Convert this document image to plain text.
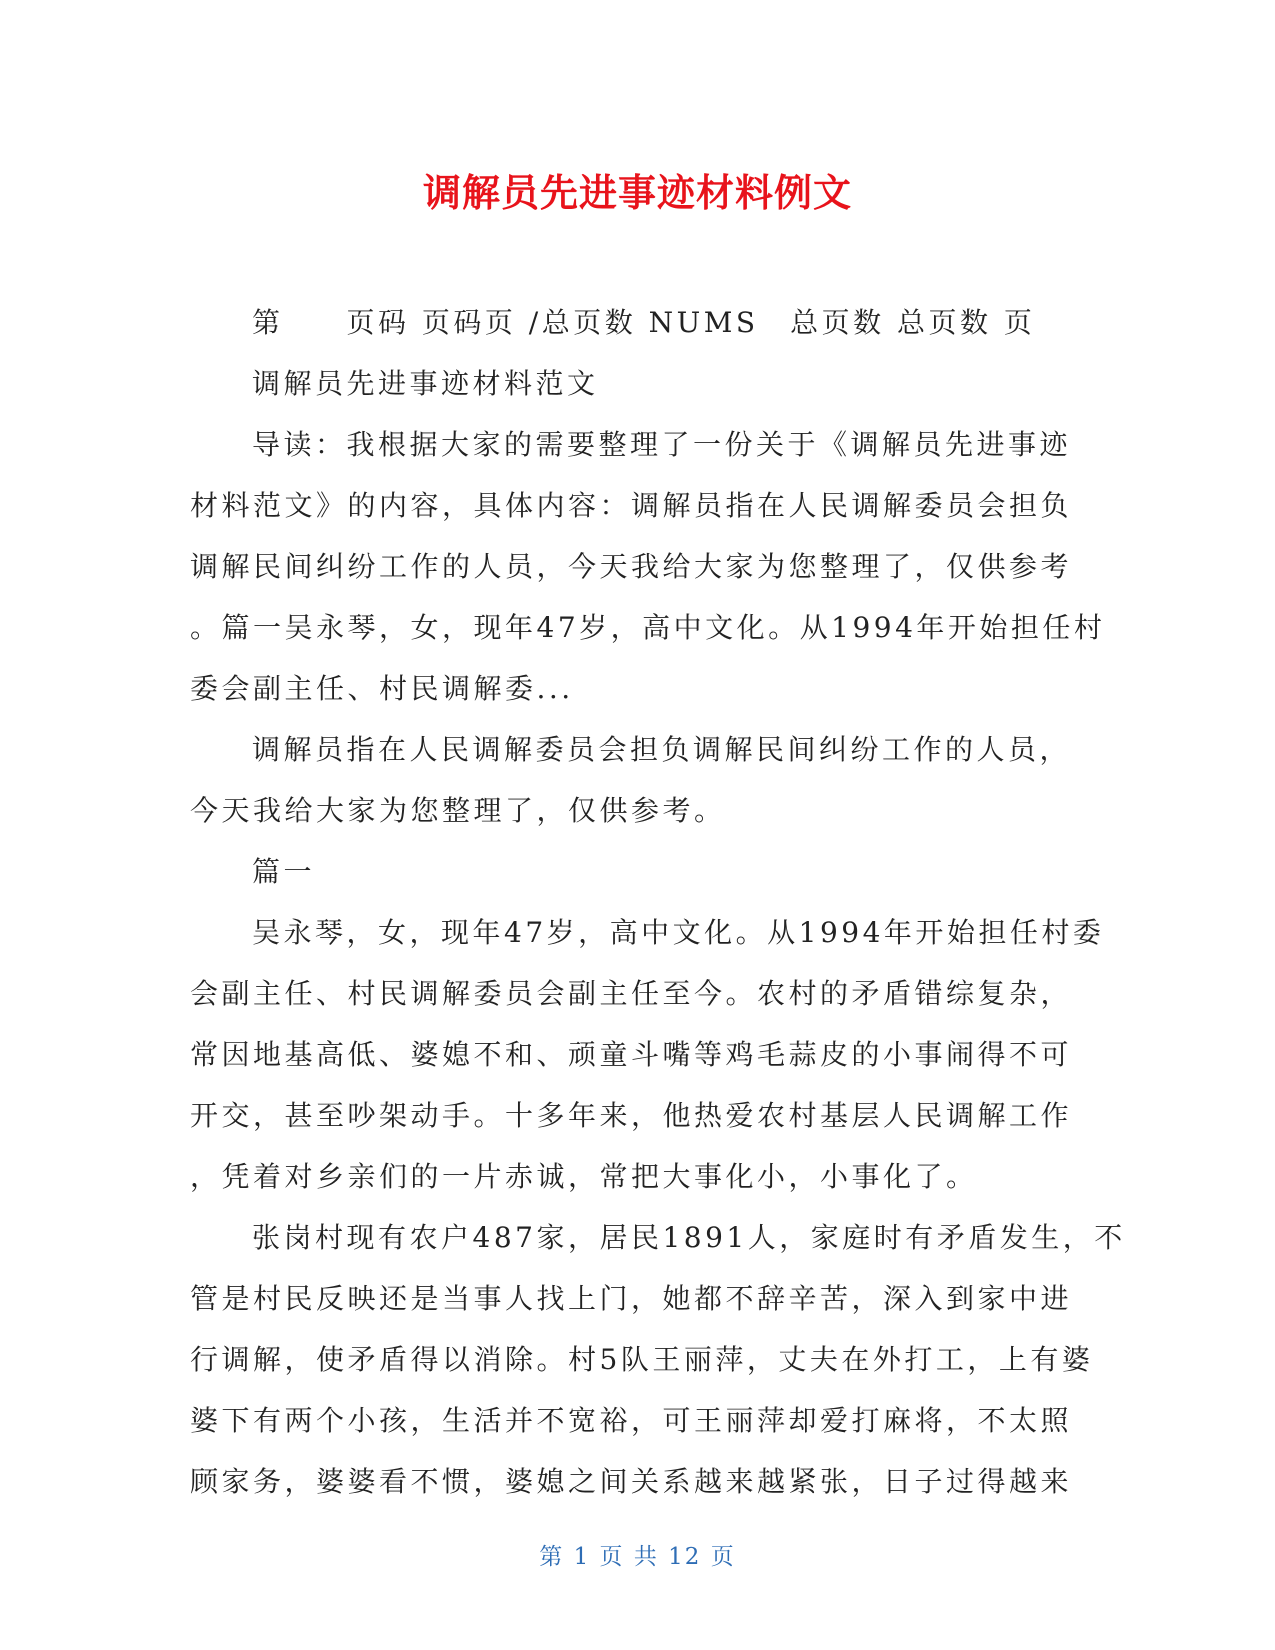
调解员先进事迹材料例文
第　　页码 页码页 /总页数 NUMS　总页数 总页数 页
调解员先进事迹材料范文
导读：我根据大家的需要整理了一份关于《调解员先进事迹
材料范文》的内容，具体内容：调解员指在人民调解委员会担负
调解民间纠纷工作的人员，今天我给大家为您整理了，仅供参考
。篇一吴永琴，女，现年47岁，高中文化。从1994年开始担任村
委会副主任、村民调解委...
调解员指在人民调解委员会担负调解民间纠纷工作的人员，
今天我给大家为您整理了，仅供参考。
篇一
吴永琴，女，现年47岁，高中文化。从1994年开始担任村委
会副主任、村民调解委员会副主任至今。农村的矛盾错综复杂，
常因地基高低、婆媳不和、顽童斗嘴等鸡毛蒜皮的小事闹得不可
开交，甚至吵架动手。十多年来，他热爱农村基层人民调解工作
，凭着对乡亲们的一片赤诚，常把大事化小，小事化了。
张岗村现有农户487家，居民1891人，家庭时有矛盾发生，不
管是村民反映还是当事人找上门，她都不辞辛苦，深入到家中进
行调解，使矛盾得以消除。村5队王丽萍，丈夫在外打工，上有婆
婆下有两个小孩，生活并不宽裕，可王丽萍却爱打麻将，不太照
顾家务，婆婆看不惯，婆媳之间关系越来越紧张，日子过得越来
第 1 页 共 12 页
